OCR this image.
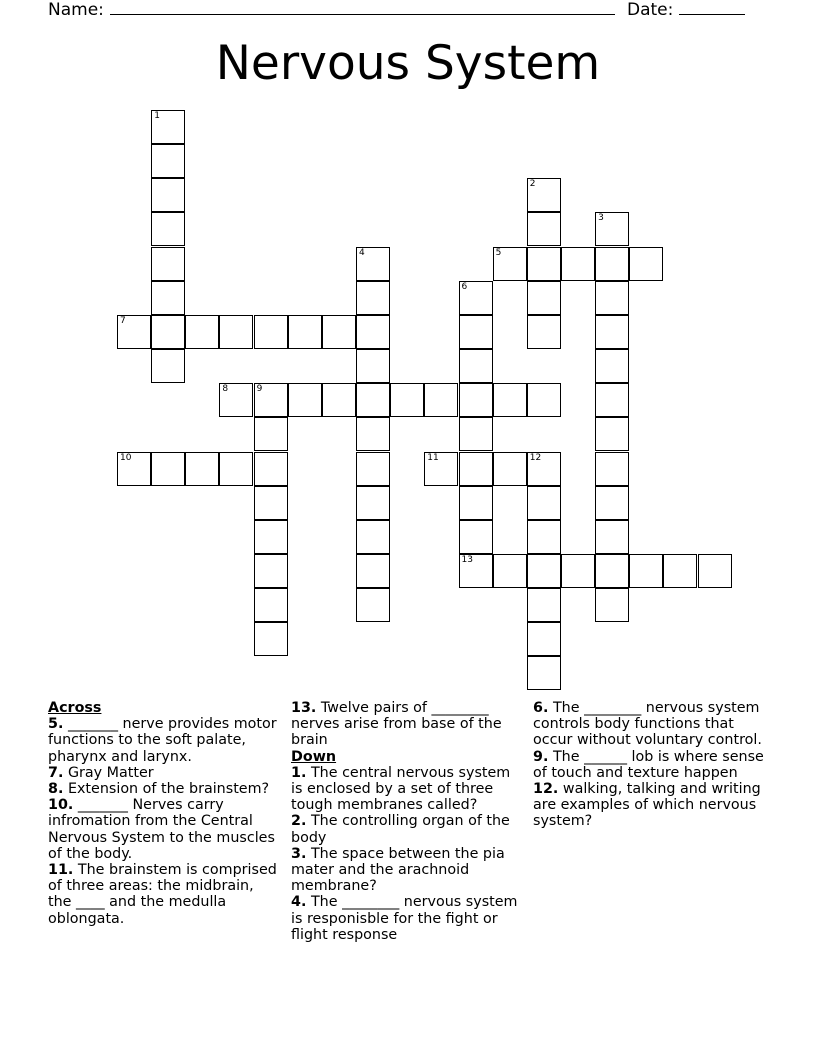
Name:	Date:
Nervous System
1
2
3
4	5
6
13
7
8	9
10	11	12
Across
5. _______ nerve provides motor functions to the soft palate, pharynx and larynx.
7. Gray Matter
8. Extension of the brainstem?
10. _______ Nerves carry infromation from the Central Nervous System to the muscles of the body.
11. The brainstem is comprised of three areas: the midbrain, the ____ and the medulla oblongata.
13. Twelve pairs of ________ nerves arise from base of the brain
Down
1. The central nervous system is enclosed by a set of three tough membranes called?
2. The controlling organ of the body
3. The space between the pia mater and the arachnoid membrane?
4. The ________ nervous system is responisble for the fight or flight response
6. The ________ nervous system controls body functions that occur without voluntary control.
9. The ______ lob is where sense of touch and texture happen
12. walking, talking and writing are examples of which nervous system?
